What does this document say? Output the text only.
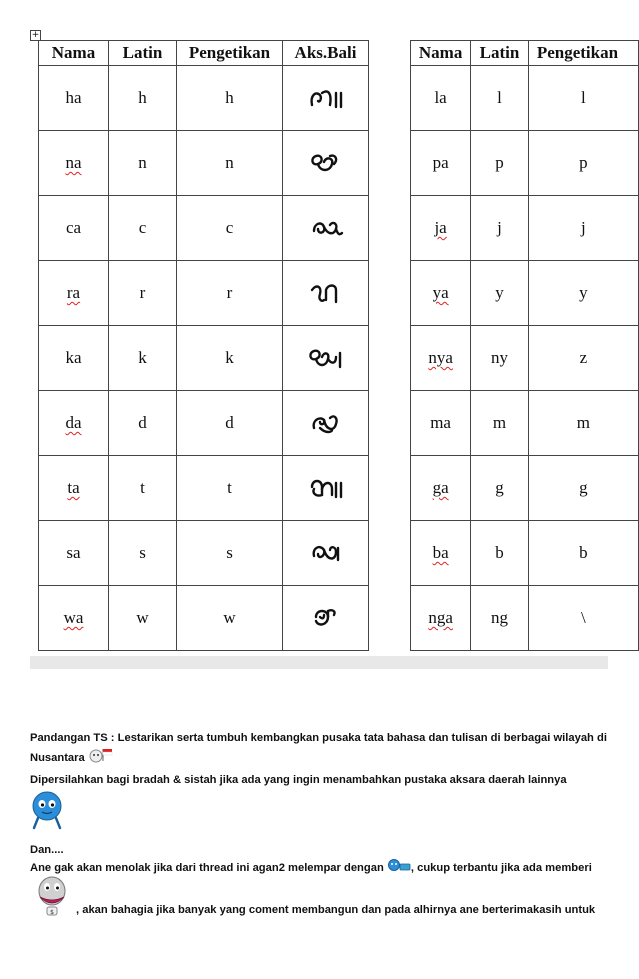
+
Nama	Latin	Pengetikan	Aks.Bali
ha	h	h	

na	n	n	

ca	c	c	

ra	r	r	

ka	k	k	

da	d	d	

ta	t	t	

sa	s	s	

wa	w	w	
Nama	Latin	Pengetikan
la	l	l
pa	p	p
ja	j	j
ya	y	y
nya	ny	z
ma	m	m
ga	g	g
ba	b	b
nga	ng	\
Pandangan TS : Lestarikan serta tumbuh kembangkan pusaka tata bahasa dan tulisan di berbagai wilayah di Nusantara
Dipersilahkan bagi bradah & sistah jika ada yang ingin menambahkan pustaka aksara daerah lainnya
Dan....
Ane gak akan menolak jika dari thread ini agan2 melempar dengan , cukup terbantu jika ada memberi
$ , akan bahagia jika banyak yang coment membangun dan pada alhirnya ane berterimakasih untuk
